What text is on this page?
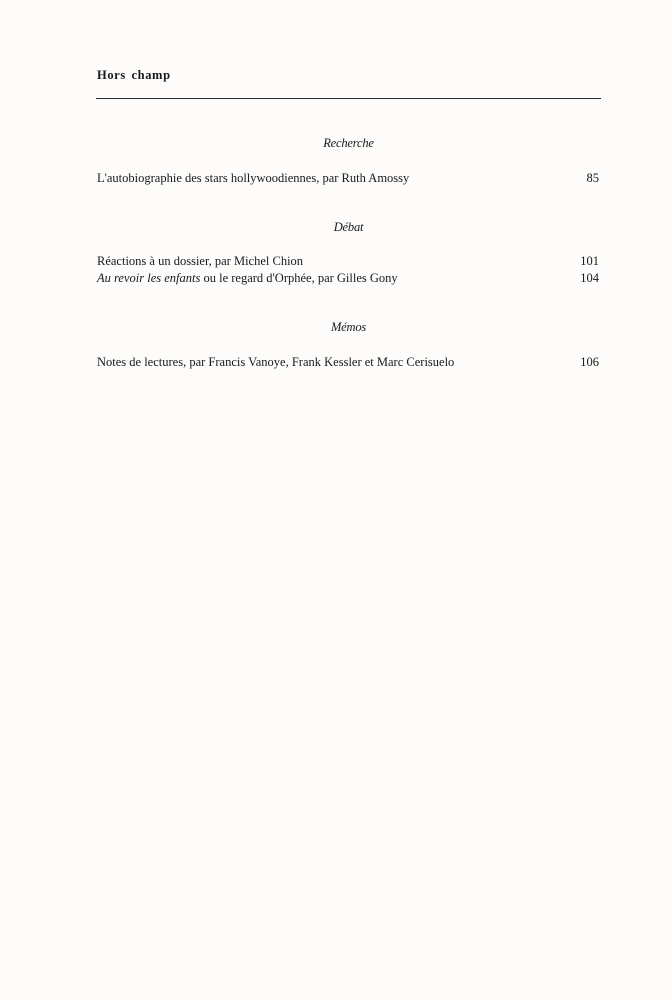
Hors champ
Recherche
L'autobiographie des stars hollywoodiennes, par Ruth Amossy	85
Débat
Réactions à un dossier, par Michel Chion	101
Au revoir les enfants ou le regard d'Orphée, par Gilles Gony	104
Mémos
Notes de lectures, par Francis Vanoye, Frank Kessler et Marc Cerisuelo	106
